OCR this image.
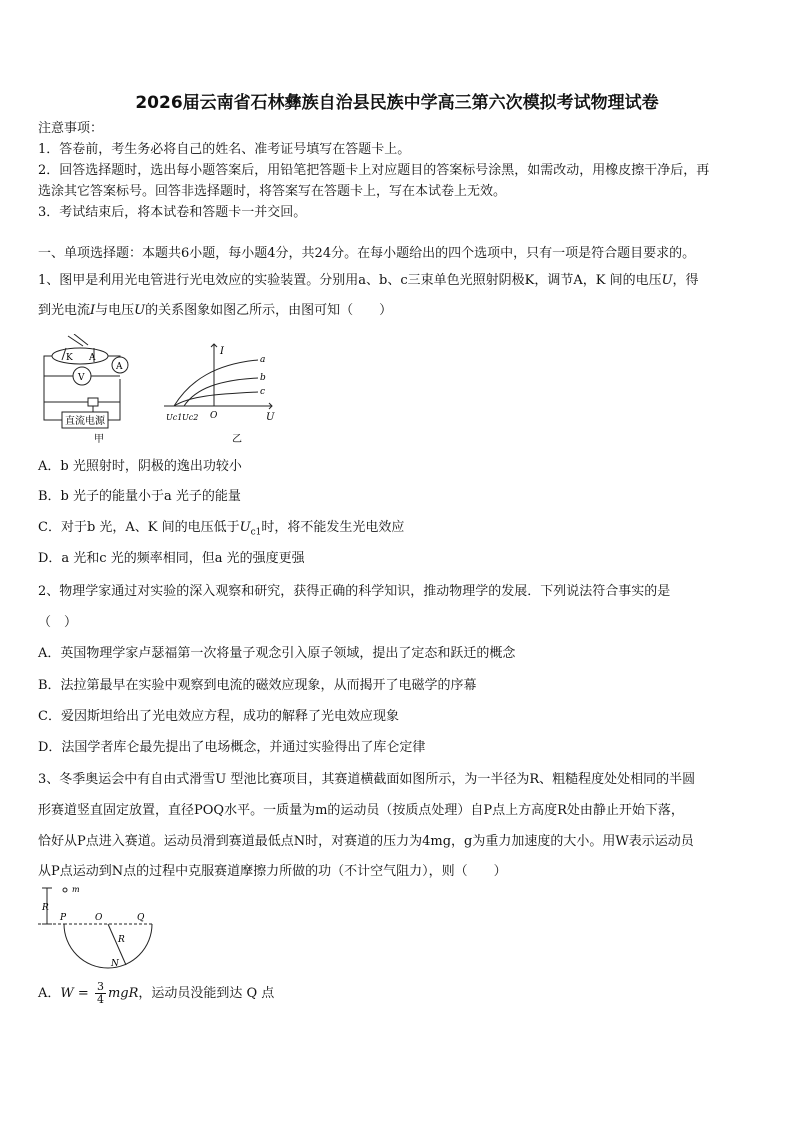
2026届云南省石林彝族自治县民族中学高三第六次模拟考试物理试卷
注意事项：
1．答卷前，考生务必将自己的姓名、准考证号填写在答题卡上。
2．回答选择题时，选出每小题答案后，用铅笔把答题卡上对应题目的答案标号涂黑，如需改动，用橡皮擦干净后，再
选涂其它答案标号。回答非选择题时，将答案写在答题卡上，写在本试卷上无效。
3．考试结束后，将本试卷和答题卡一并交回。
一、单项选择题：本题共6小题，每小题4分，共24分。在每小题给出的四个选项中，只有一项是符合题目要求的。
1、图甲是利用光电管进行光电效应的实验装置。分别用a、b、c三束单色光照射阴极K，调节A，K 间的电压U，得
到光电流I与电压U的关系图象如图乙所示，由图可知（　　）
K A
V
A
直流电源
甲
I
a
b
c
O
Uc1 Uc2	U
乙
A．b 光照射时，阴极的逸出功较小
B．b 光子的能量小于a 光子的能量
C．对于b 光，A、K 间的电压低于$U_{c1}$时，将不能发生光电效应
D．a 光和c 光的频率相同，但a 光的强度更强
2、物理学家通过对实验的深入观察和研究，获得正确的科学知识，推动物理学的发展．下列说法符合事实的是
（　）
A．英国物理学家卢瑟福第一次将量子观念引入原子领域，提出了定态和跃迁的概念
B．法拉第最早在实验中观察到电流的磁效应现象，从而揭开了电磁学的序幕
C．爱因斯坦给出了光电效应方程，成功的解释了光电效应现象
D．法国学者库仑最先提出了电场概念，并通过实验得出了库仑定律
3、冬季奥运会中有自由式滑雪U 型池比赛项目，其赛道横截面如图所示，为一半径为R、粗糙程度处处相同的半圆
形赛道竖直固定放置，直径POQ水平。一质量为m的运动员（按质点处理）自P点上方高度R处由静止开始下落，
恰好从P点进入赛道。运动员滑到赛道最低点N时，对赛道的压力为4mg，g为重力加速度的大小。用W表示运动员
从P点运动到N点的过程中克服赛道摩擦力所做的功（不计空气阻力），则（　　）
m
R
P	O	Q
R
N
A．$W = \frac{3}{4}$ mgR，运动员没能到达 Q 点
